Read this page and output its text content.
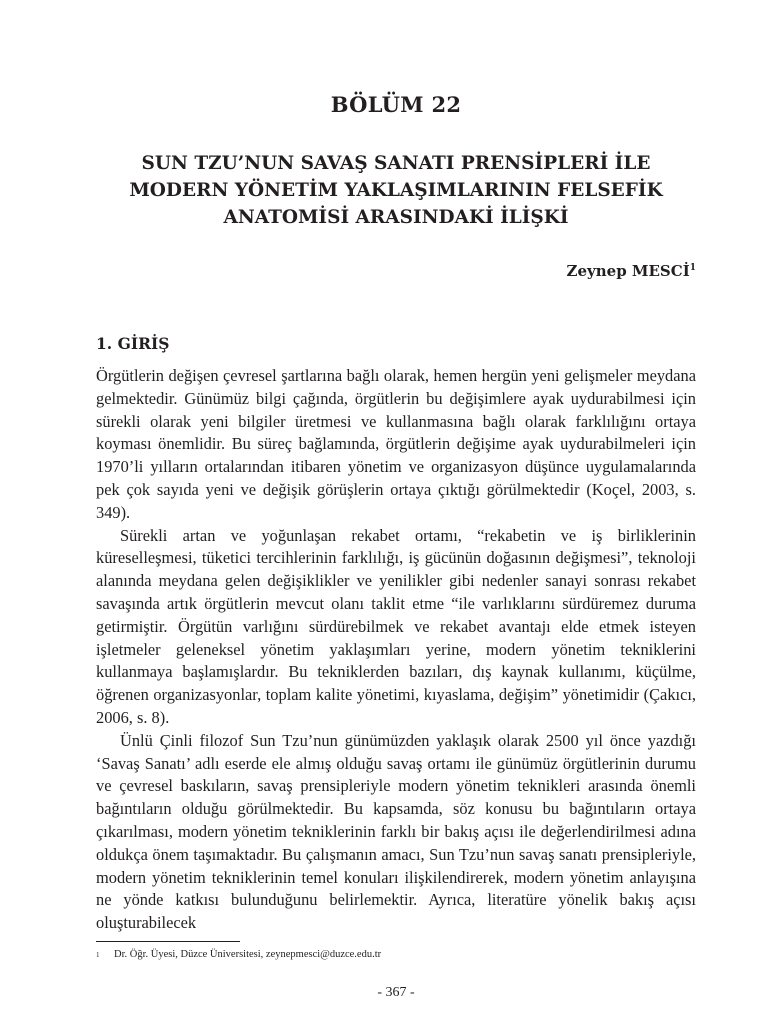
BÖLÜM 22
SUN TZU’NUN SAVAŞ SANATI PRENSİPLERİ İLE
MODERN YÖNETİM YAKLAŞIMLARININ FELSEFİK
ANATOMİSİ ARASINDAKİ İLİŞKİ
Zeynep MESCİ$^1$
1. GİRİŞ

Örgütlerin değişen çevresel şartlarına bağlı olarak, hemen hergün yeni gelişmeler meydana gelmektedir. Günümüz bilgi çağında, örgütlerin bu değişimlere ayak uydurabilmesi için sürekli olarak yeni bilgiler üretmesi ve kullanmasına bağlı olarak farklılığını ortaya koyması önemlidir. Bu süreç bağlamında, örgütlerin değişime ayak uydurabilmeleri için 1970’li yılların ortalarından itibaren yönetim ve organizasyon düşünce uygulamalarında pek çok sayıda yeni ve değişik görüşlerin ortaya çıktığı görülmektedir (Koçel, 2003, s. 349).

Sürekli artan ve yoğunlaşan rekabet ortamı, “rekabetin ve iş birliklerinin küreselleşmesi, tüketici tercihlerinin farklılığı, iş gücünün doğasının değişmesi”, teknoloji alanında meydana gelen değişiklikler ve yenilikler gibi nedenler sanayi sonrası rekabet savaşında artık örgütlerin mevcut olanı taklit etme “ile varlıklarını sürdüremez duruma getirmiştir. Örgütün varlığını sürdürebilmek ve rekabet avantajı elde etmek isteyen işletmeler geleneksel yönetim yaklaşımları yerine, modern yönetim tekniklerini kullanmaya başlamışlardır. Bu tekniklerden bazıları, dış kaynak kullanımı, küçülme, öğrenen organizasyonlar, toplam kalite yönetimi, kıyaslama, değişim” yönetimidir (Çakıcı, 2006, s. 8).

Ünlü Çinli filozof Sun Tzu’nun günümüzden yaklaşık olarak 2500 yıl önce yazdığı ‘Savaş Sanatı’ adlı eserde ele almış olduğu savaş ortamı ile günümüz örgütlerinin durumu ve çevresel baskıların, savaş prensipleriyle modern yönetim teknikleri arasında önemli bağıntıların olduğu görülmektedir. Bu kapsamda, söz konusu bu bağıntıların ortaya çıkarılması, modern yönetim tekniklerinin farklı bir bakış açısı ile değerlendirilmesi adına oldukça önem taşımaktadır. Bu çalışmanın amacı, Sun Tzu’nun savaş sanatı prensipleriyle, modern yönetim tekniklerinin temel konuları ilişkilendirerek, modern yönetim anlayışına ne yönde katkısı bulunduğunu belirlemektir. Ayrıca, literatüre yönelik bakış açısı oluşturabilecek

1 Dr. Öğr. Üyesi, Düzce Üniversitesi, zeynepmesci@duzce.edu.tr
- 367 -
